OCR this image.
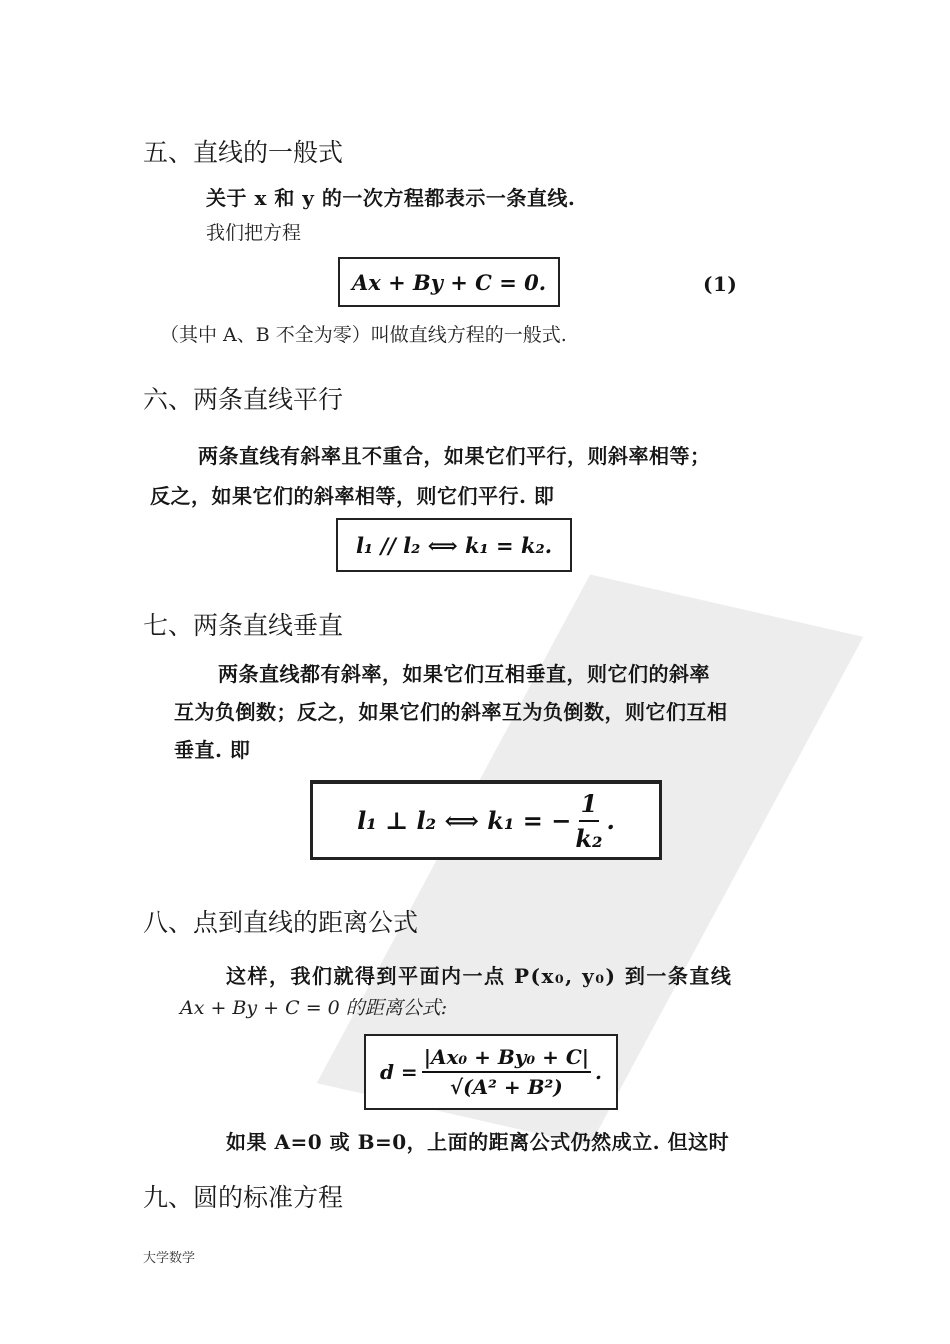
五、直线的一般式
关于 x 和 y 的一次方程都表示一条直线.
我们把方程
Ax + By + C = 0.	(1)
（其中 A、B 不全为零）叫做直线方程的一般式.
六、两条直线平行
两条直线有斜率且不重合，如果它们平行，则斜率相等；
反之，如果它们的斜率相等，则它们平行. 即
l₁ // l₂ ⟺ k₁ = k₂.
七、两条直线垂直
两条直线都有斜率，如果它们互相垂直，则它们的斜率
互为负倒数；反之，如果它们的斜率互为负倒数，则它们互相
垂直. 即
l₁ ⊥ l₂ ⟺ k₁ = − $\frac{1}{\text{k₂}}$ .
八、点到直线的距离公式
这样，我们就得到平面内一点 P(x₀, y₀) 到一条直线
Ax + By + C = 0 的距离公式:
$d = \frac{\text{|Ax₀ + By₀ + C|}}{\text{√(A² + B²)}}$ .
如果 A=0 或 B=0，上面的距离公式仍然成立. 但这时
九、圆的标准方程
大学数学
